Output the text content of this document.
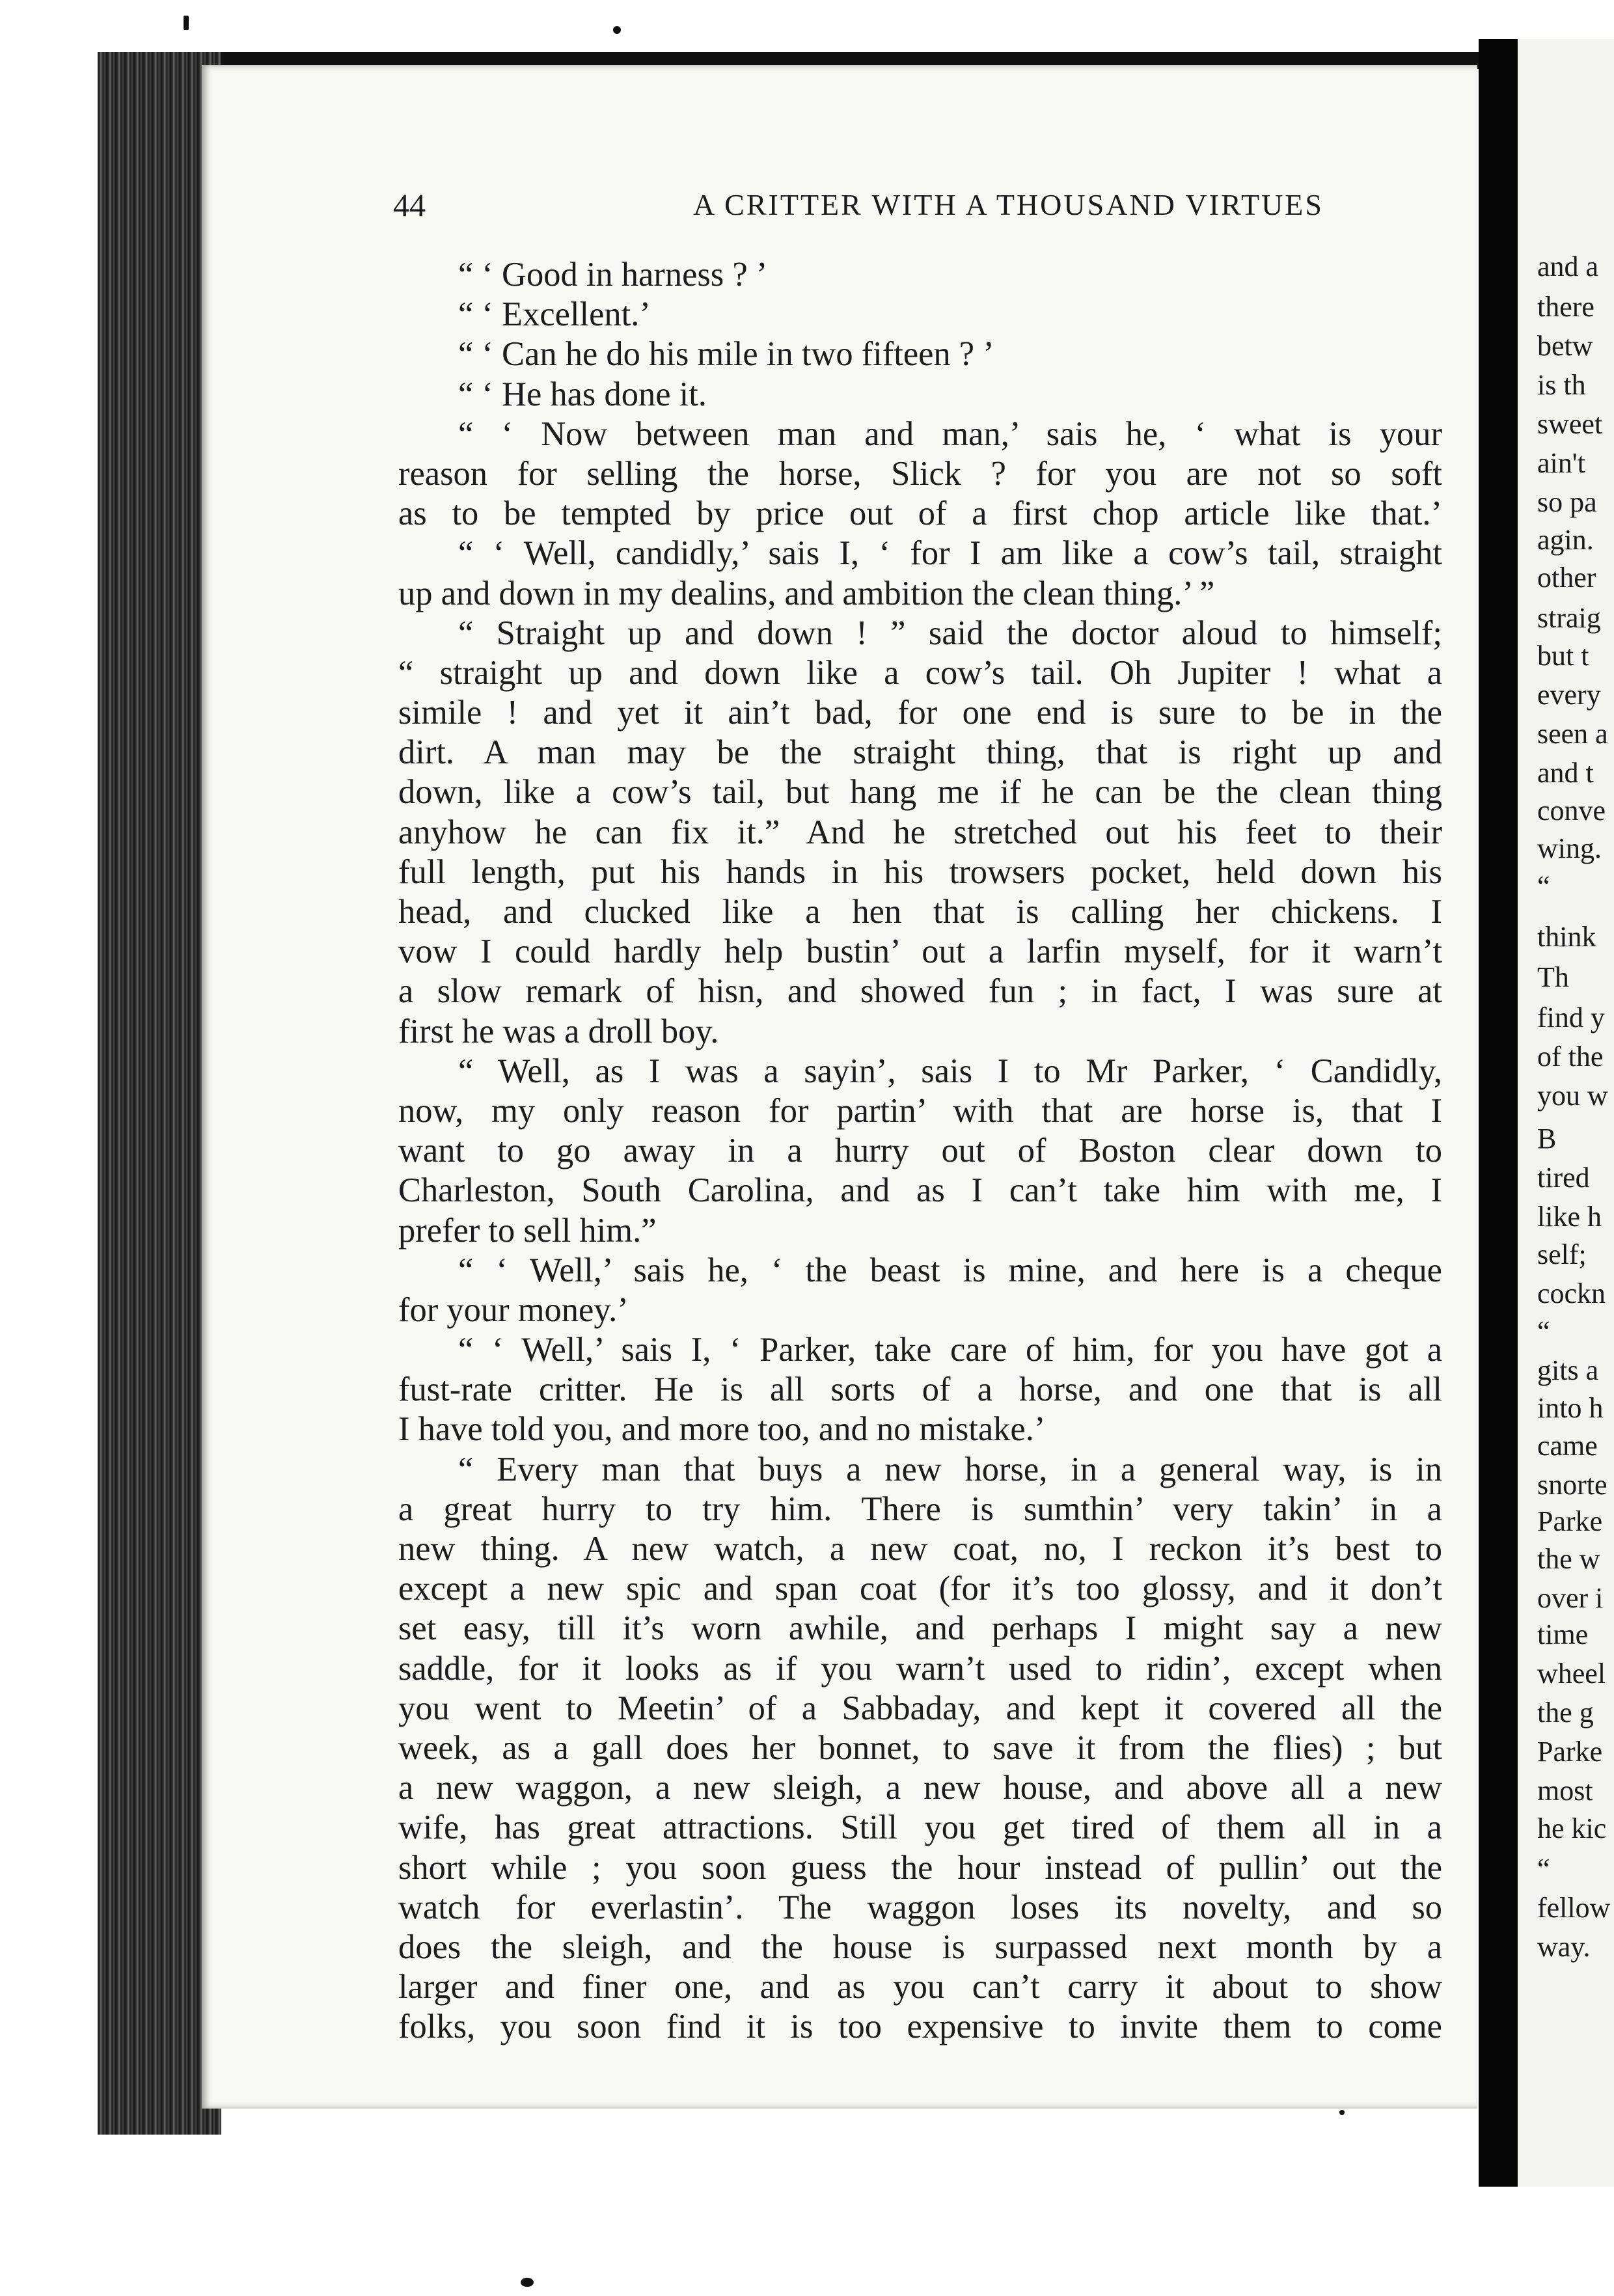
44	A CRITTER WITH A THOUSAND VIRTUES
“ ‘ Good in harness ? ’
“ ‘ Excellent.’
“ ‘ Can he do his mile in two fifteen ? ’
“ ‘ He has done it.
“ ‘ Now between man and man,’ sais he, ‘ what is your
reason for selling the horse, Slick ? for you are not so soft
as to be tempted by price out of a first chop article like that.’
“ ‘ Well, candidly,’ sais I, ‘ for I am like a cow’s tail, straight
up and down in my dealins, and ambition the clean thing.’ ”
“ Straight up and down ! ” said the doctor aloud to himself;
“ straight up and down like a cow’s tail. Oh Jupiter ! what a
simile ! and yet it ain’t bad, for one end is sure to be in the
dirt. A man may be the straight thing, that is right up and
down, like a cow’s tail, but hang me if he can be the clean thing
anyhow he can fix it.” And he stretched out his feet to their
full length, put his hands in his trowsers pocket, held down his
head, and clucked like a hen that is calling her chickens. I
vow I could hardly help bustin’ out a larfin myself, for it warn’t
a slow remark of hisn, and showed fun ; in fact, I was sure at
first he was a droll boy.
“ Well, as I was a sayin’, sais I to Mr Parker, ‘ Candidly,
now, my only reason for partin’ with that are horse is, that I
want to go away in a hurry out of Boston clear down to
Charleston, South Carolina, and as I can’t take him with me, I
prefer to sell him.”
“ ‘ Well,’ sais he, ‘ the beast is mine, and here is a cheque
for your money.’
“ ‘ Well,’ sais I, ‘ Parker, take care of him, for you have got a
fust-rate critter. He is all sorts of a horse, and one that is all
I have told you, and more too, and no mistake.’
“ Every man that buys a new horse, in a general way, is in
a great hurry to try him. There is sumthin’ very takin’ in a
new thing. A new watch, a new coat, no, I reckon it’s best to
except a new spic and span coat (for it’s too glossy, and it don’t
set easy, till it’s worn awhile, and perhaps I might say a new
saddle, for it looks as if you warn’t used to ridin’, except when
you went to Meetin’ of a Sabbaday, and kept it covered all the
week, as a gall does her bonnet, to save it from the flies) ; but
a new waggon, a new sleigh, a new house, and above all a new
wife, has great attractions. Still you get tired of them all in a
short while ; you soon guess the hour instead of pullin’ out the
watch for everlastin’. The waggon loses its novelty, and so
does the sleigh, and the house is surpassed next month by a
larger and finer one, and as you can’t carry it about to show
folks, you soon find it is too expensive to invite them to come
and a
there
betw
is th
sweet
ain't
so pa
agin.
other
straig
but t
every
seen a
and t
conve
wing.
“
think
Th
find y
of the
you w
B
tired
like h
self;
cockn
“
gits a
into h
came
snorte
Parke
the w
over i
time
wheel
the g
Parke
most
he kic
“
fellow
way.
